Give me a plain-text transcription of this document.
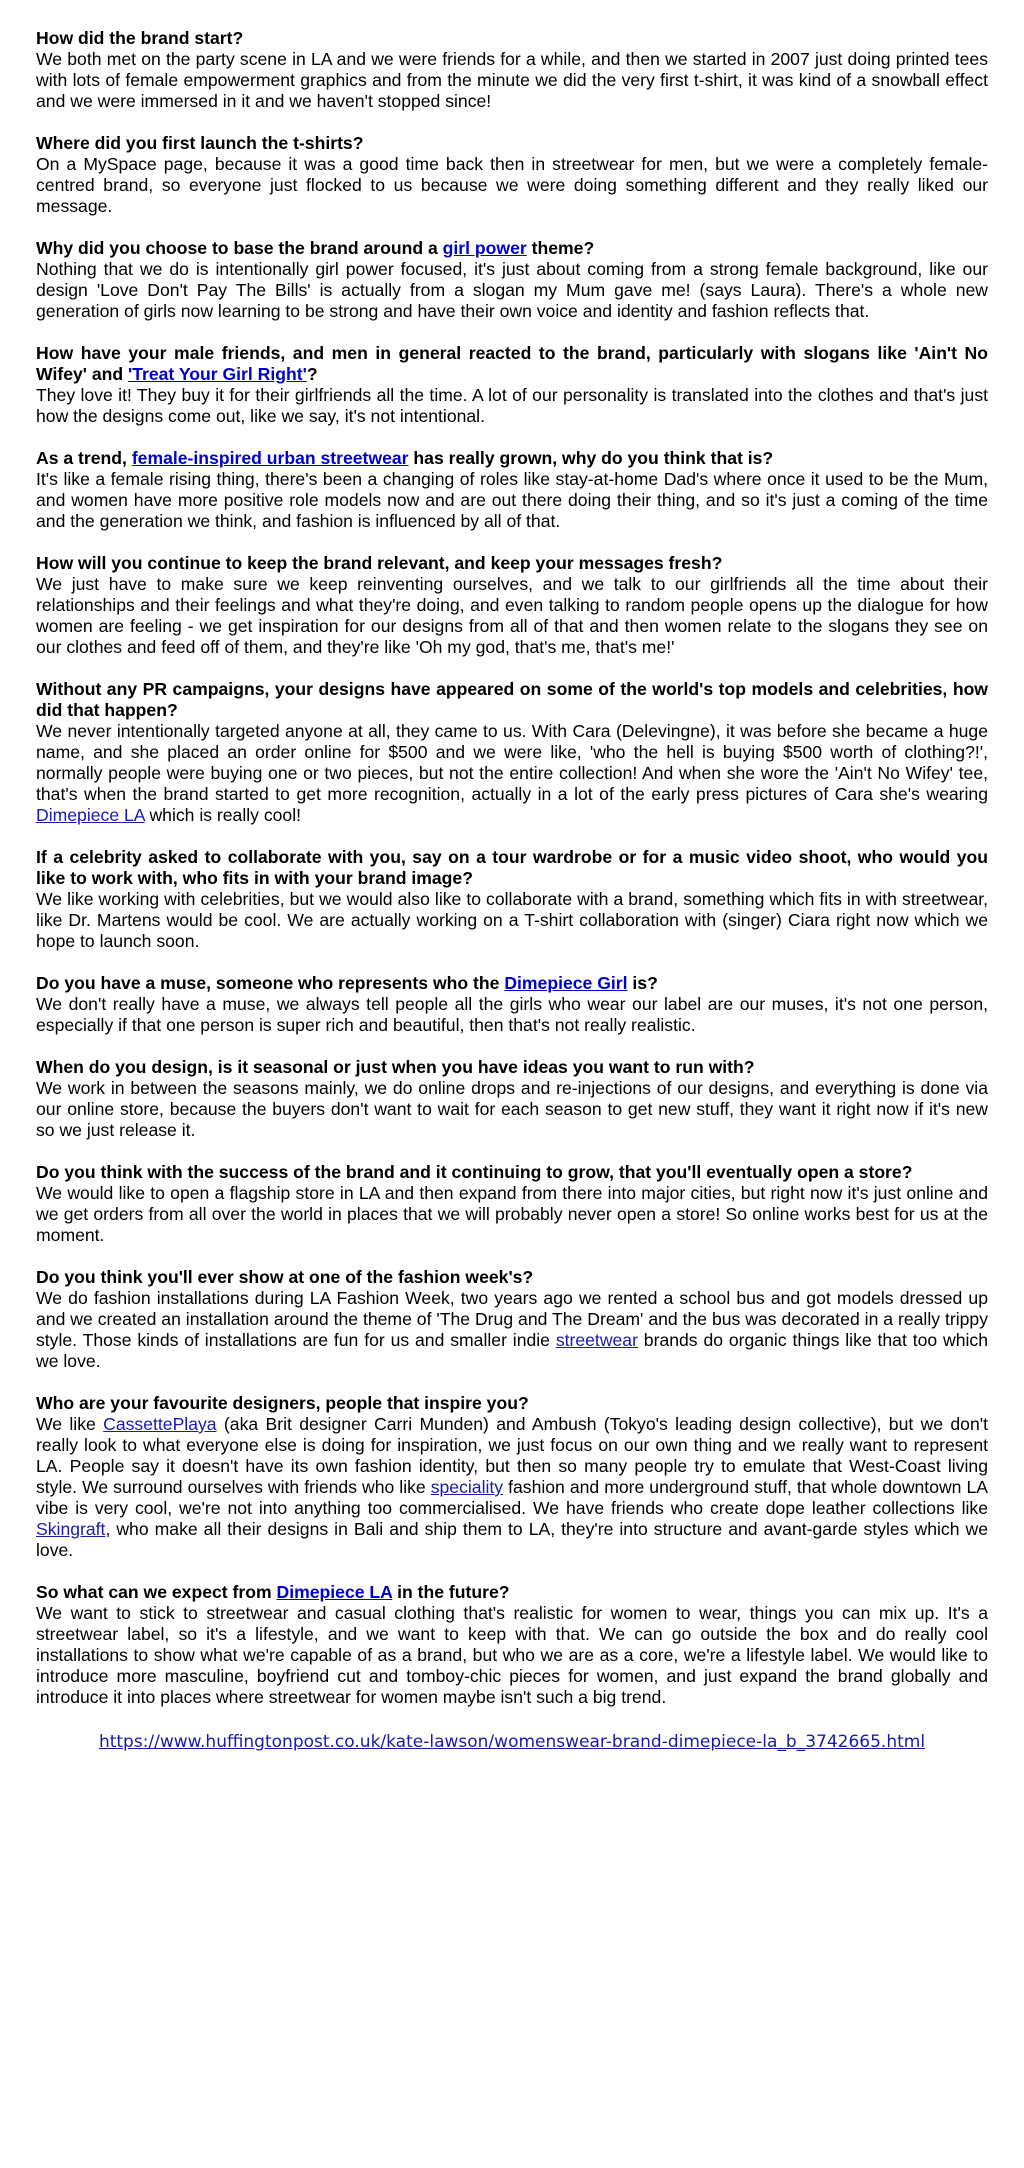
How did the brand start?

We both met on the party scene in LA and we were friends for a while, and then we started in 2007 just doing printed tees with lots of female empowerment graphics and from the minute we did the very first t-shirt, it was kind of a snowball effect and we were immersed in it and we haven't stopped since!

Where did you first launch the t-shirts?

On a MySpace page, because it was a good time back then in streetwear for men, but we were a completely female-centred brand, so everyone just flocked to us because we were doing something different and they really liked our message.

Why did you choose to base the brand around a girl power theme?

Nothing that we do is intentionally girl power focused, it's just about coming from a strong female background, like our design 'Love Don't Pay The Bills' is actually from a slogan my Mum gave me! (says Laura). There's a whole new generation of girls now learning to be strong and have their own voice and identity and fashion reflects that.

How have your male friends, and men in general reacted to the brand, particularly with slogans like 'Ain't No Wifey' and 'Treat Your Girl Right'?

They love it! They buy it for their girlfriends all the time. A lot of our personality is translated into the clothes and that's just how the designs come out, like we say, it's not intentional.

As a trend, female-inspired urban streetwear has really grown, why do you think that is?

It's like a female rising thing, there's been a changing of roles like stay-at-home Dad's where once it used to be the Mum, and women have more positive role models now and are out there doing their thing, and so it's just a coming of the time and the generation we think, and fashion is influenced by all of that.

How will you continue to keep the brand relevant, and keep your messages fresh?

We just have to make sure we keep reinventing ourselves, and we talk to our girlfriends all the time about their relationships and their feelings and what they're doing, and even talking to random people opens up the dialogue for how women are feeling - we get inspiration for our designs from all of that and then women relate to the slogans they see on our clothes and feed off of them, and they're like 'Oh my god, that's me, that's me!'

Without any PR campaigns, your designs have appeared on some of the world's top models and celebrities, how did that happen?

We never intentionally targeted anyone at all, they came to us. With Cara (Delevingne), it was before she became a huge name, and she placed an order online for $500 and we were like, 'who the hell is buying $500 worth of clothing?!', normally people were buying one or two pieces, but not the entire collection! And when she wore the 'Ain't No Wifey' tee, that's when the brand started to get more recognition, actually in a lot of the early press pictures of Cara she's wearing Dimepiece LA which is really cool!

If a celebrity asked to collaborate with you, say on a tour wardrobe or for a music video shoot, who would you like to work with, who fits in with your brand image?

We like working with celebrities, but we would also like to collaborate with a brand, something which fits in with streetwear, like Dr. Martens would be cool. We are actually working on a T-shirt collaboration with (singer) Ciara right now which we hope to launch soon.

Do you have a muse, someone who represents who the Dimepiece Girl is?

We don't really have a muse, we always tell people all the girls who wear our label are our muses, it's not one person, especially if that one person is super rich and beautiful, then that's not really realistic.

When do you design, is it seasonal or just when you have ideas you want to run with?

We work in between the seasons mainly, we do online drops and re-injections of our designs, and everything is done via our online store, because the buyers don't want to wait for each season to get new stuff, they want it right now if it's new so we just release it.

Do you think with the success of the brand and it continuing to grow, that you'll eventually open a store?

We would like to open a flagship store in LA and then expand from there into major cities, but right now it's just online and we get orders from all over the world in places that we will probably never open a store! So online works best for us at the moment.

Do you think you'll ever show at one of the fashion week's?

We do fashion installations during LA Fashion Week, two years ago we rented a school bus and got models dressed up and we created an installation around the theme of 'The Drug and The Dream' and the bus was decorated in a really trippy style. Those kinds of installations are fun for us and smaller indie streetwear brands do organic things like that too which we love.

Who are your favourite designers, people that inspire you?

We like CassettePlaya (aka Brit designer Carri Munden) and Ambush (Tokyo's leading design collective), but we don't really look to what everyone else is doing for inspiration, we just focus on our own thing and we really want to represent LA. People say it doesn't have its own fashion identity, but then so many people try to emulate that West-Coast living style. We surround ourselves with friends who like speciality fashion and more underground stuff, that whole downtown LA vibe is very cool, we're not into anything too commercialised. We have friends who create dope leather collections like Skingraft, who make all their designs in Bali and ship them to LA, they're into structure and avant-garde styles which we love.

So what can we expect from Dimepiece LA in the future?

We want to stick to streetwear and casual clothing that's realistic for women to wear, things you can mix up. It's a streetwear label, so it's a lifestyle, and we want to keep with that. We can go outside the box and do really cool installations to show what we're capable of as a brand, but who we are as a core, we're a lifestyle label. We would like to introduce more masculine, boyfriend cut and tomboy-chic pieces for women, and just expand the brand globally and introduce it into places where streetwear for women maybe isn't such a big trend.

https://www.huffingtonpost.co.uk/kate-lawson/womenswear-brand-dimepiece-la_b_3742665.html
